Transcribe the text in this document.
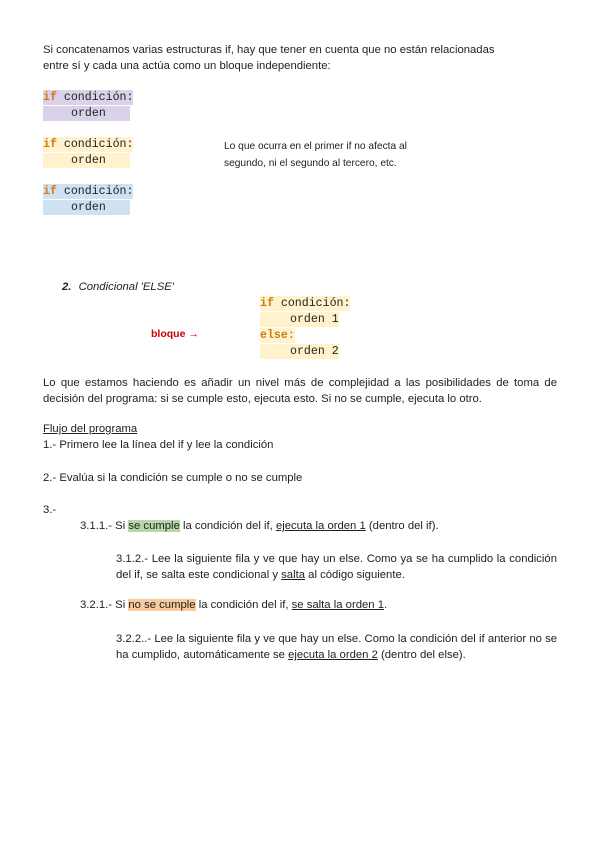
Si concatenamos varias estructuras if, hay que tener en cuenta que no están relacionadas
entre sí y cada una actúa como un bloque independiente:
if condición:
orden
if condición:
orden
Lo que ocurra en el primer if no afecta al
segundo, ni el segundo al tercero, etc.
if condición:
orden
2. Condicional 'ELSE'
if condición:
orden 1
else:
orden 2
bloque →
Lo que estamos haciendo es añadir un nivel más de complejidad a las posibilidades de toma de decisión del programa: si se cumple esto, ejecuta esto. Si no se cumple, ejecuta lo otro.
Flujo del programa
1.- Primero lee la línea del if y lee la condición
2.- Evalúa si la condición se cumple o no se cumple
3.-
3.1.1.- Si se cumple la condición del if, ejecuta la orden 1 (dentro del if).
3.1.2.- Lee la siguiente fila y ve que hay un else. Como ya se ha cumplido la condición del if, se salta este condicional y salta al código siguiente.
3.2.1.- Si no se cumple la condición del if, se salta la orden 1.
3.2.2..- Lee la siguiente fila y ve que hay un else. Como la condición del if anterior no se ha cumplido, automáticamente se ejecuta la orden 2 (dentro del else).
